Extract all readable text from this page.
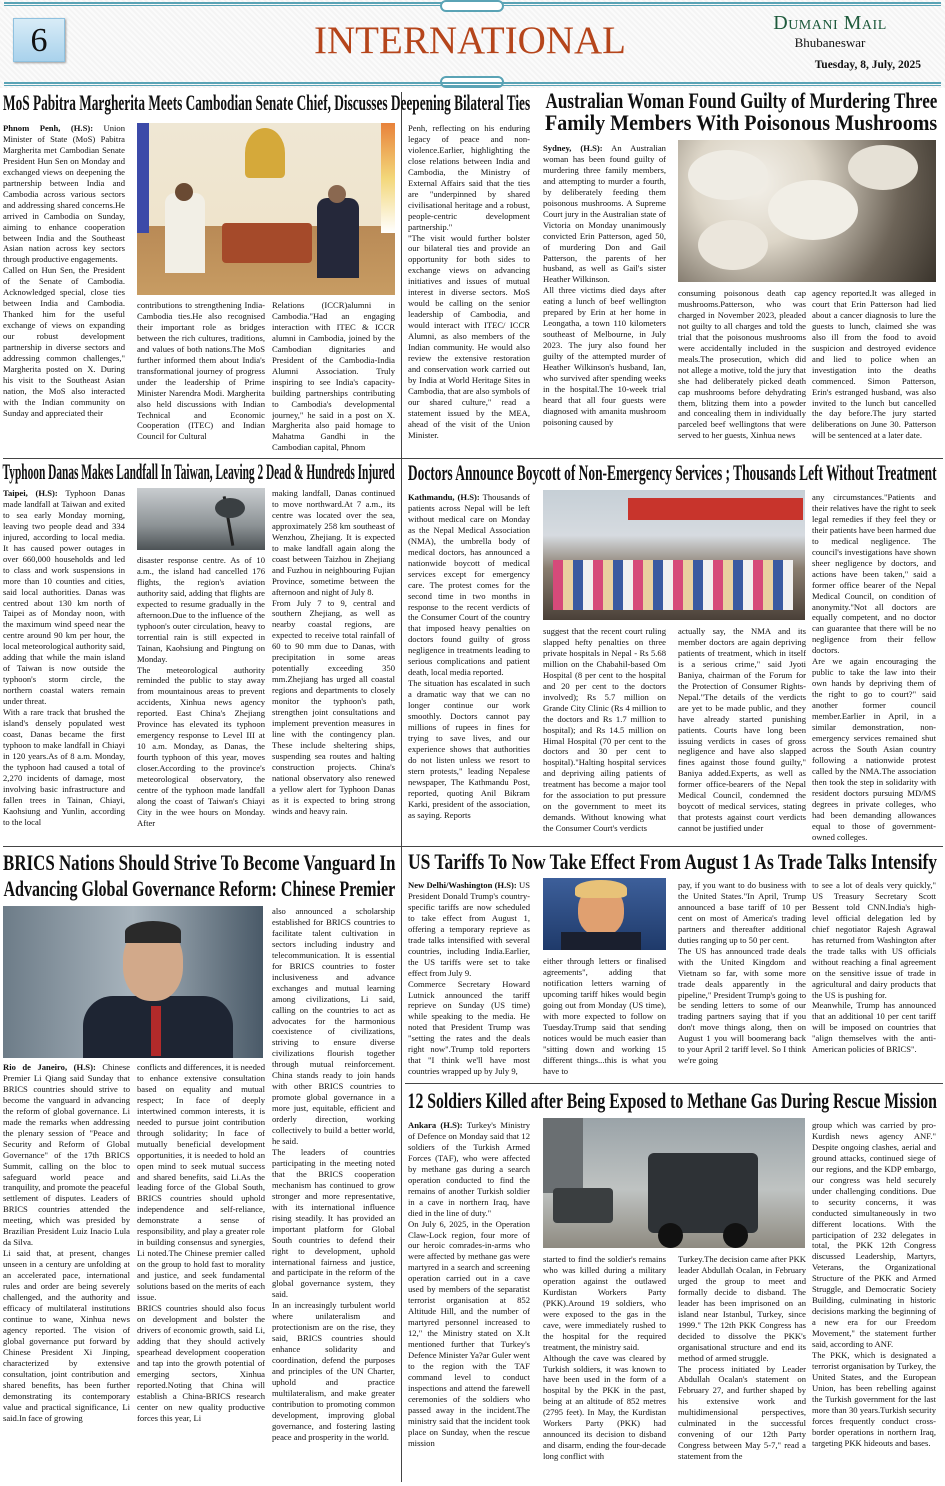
6	INTERNATIONAL	Dumani Mail
Bhubaneswar
Tuesday, 8, July, 2025
MoS Pabitra Margherita Meets Cambodian Senate Chief, Discusses Deepening Bilateral Ties
Phnom Penh, (H.S): Union Minister of State (MoS) Pabitra Margherita met Cambodian Senate President Hun Sen on Monday and exchanged views on deepening the partnership between India and Cambodia across various sectors and addressing shared concerns.He arrived in Cambodia on Sunday, aiming to enhance cooperation between India and the Southeast Asian nation across key sectors through productive engagements.
Called on Hun Sen, the President of the Senate of Cambodia. Acknowledged special, close ties between India and Cambodia. Thanked him for the useful exchange of views on expanding our robust development partnership in diverse sectors and addressing common challenges," Margherita posted on X. During his visit to the Southeast Asian nation, the MoS also interacted with the Indian community on Sunday and appreciated their
contributions to strengthening India-Cambodia ties.He also recognised their important role as bridges between the rich cultures, traditions, and values of both nations.The MoS further informed them about India's transformational journey of progress under the leadership of Prime Minister Narendra Modi. Margherita also held discussions with Indian Technical and Economic Cooperation (ITEC) and Indian Council for Cultural
Relations (ICCR)alumni in Cambodia."Had an engaging interaction with ITEC & ICCR alumni in Cambodia, joined by the Cambodian dignitaries and President of the Cambodia-India Alumni Association. Truly inspiring to see India's capacity-building partnerships contributing to Cambodia's developmental journey," he said in a post on X. Margherita also paid homage to Mahatma Gandhi in the Cambodian capital, Phnom
Penh, reflecting on his enduring legacy of peace and non-violence.Earlier, highlighting the close relations between India and Cambodia, the Ministry of External Affairs said that the ties are "underpinned by shared civilisational heritage and a robust, people-centric development partnership."
"The visit would further bolster our bilateral ties and provide an opportunity for both sides to exchange views on advancing initiatives and issues of mutual interest in diverse sectors. MoS would be calling on the senior leadership of Cambodia, and would interact with ITEC/ ICCR Alumni, as also members of the Indian community. He would also review the extensive restoration and conservation work carried out by India at World Heritage Sites in Cambodia, that are also symbols of our shared culture," read a statement issued by the MEA, ahead of the visit of the Union Minister.
Australian Woman Found Guilty of Murdering Three
Family Members With Poisonous Mushrooms
Sydney, (H.S): An Australian woman has been found guilty of murdering three family members, and attempting to murder a fourth, by deliberately feeding them poisonous mushrooms. A Supreme Court jury in the Australian state of Victoria on Monday unanimously convicted Erin Patterson, aged 50, of murdering Don and Gail Patterson, the parents of her husband, as well as Gail's sister Heather Wilkinson.
All three victims died days after eating a lunch of beef wellington prepared by Erin at her home in Leongatha, a town 110 kilometers southeast of Melbourne, in July 2023. The jury also found her guilty of the attempted murder of Heather Wilkinson's husband, Ian, who survived after spending weeks in the hospital.The 10-week trial heard that all four guests were diagnosed with amanita mushroom poisoning caused by
consuming poisonous death cap mushrooms.Patterson, who was charged in November 2023, pleaded not guilty to all charges and told the trial that the poisonous mushrooms were accidentally included in the meals.The prosecution, which did not allege a motive, told the jury that she had deliberately picked death cap mushrooms before dehydrating them, blitzing them into a powder and concealing them in individually parceled beef wellingtons that were served to her guests, Xinhua news
agency reported.It was alleged in court that Erin Patterson had lied about a cancer diagnosis to lure the guests to lunch, claimed she was also ill from the food to avoid suspicion and destroyed evidence and lied to police when an investigation into the deaths commenced. Simon Patterson, Erin's estranged husband, was also invited to the lunch but cancelled the day before.The jury started deliberations on June 30. Patterson will be sentenced at a later date.
Typhoon Danas Makes Landfall In Taiwan, Leaving 2 Dead & Hundreds Injured
Taipei, (H.S): Typhoon Danas made landfall at Taiwan and exited to sea early Monday morning, leaving two people dead and 334 injured, according to local media. It has caused power outages in over 660,000 households and led to class and work suspensions in more than 10 counties and cities, said local authorities. Danas was centred about 130 km north of Taipei as of Monday noon, with the maximum wind speed near the centre around 90 km per hour, the local meteorological authority said, adding that while the main island of Taiwan is now outside the typhoon's storm circle, the northern coastal waters remain under threat.
With a rare track that brushed the island's densely populated west coast, Danas became the first typhoon to make landfall in Chiayi in 120 years.As of 8 a.m. Monday, the typhoon had caused a total of 2,270 incidents of damage, most involving basic infrastructure and fallen trees in Tainan, Chiayi, Kaohsiung and Yunlin, according to the local
disaster response centre. As of 10 a.m., the island had cancelled 176 flights, the region's aviation authority said, adding that flights are expected to resume gradually in the afternoon.Due to the influence of the typhoon's outer circulation, heavy to torrential rain is still expected in Tainan, Kaohsiung and Pingtung on Monday.
The meteorological authority reminded the public to stay away from mountainous areas to prevent accidents, Xinhua news agency reported. East China's Zhejiang Province has elevated its typhoon emergency response to Level III at 10 a.m. Monday, as Danas, the fourth typhoon of this year, moves closer.According to the province's meteorological observatory, the centre of the typhoon made landfall along the coast of Taiwan's Chiayi City in the wee hours on Monday. After
making landfall, Danas continued to move northward.At 7 a.m., its centre was located over the sea, approximately 258 km southeast of Wenzhou, Zhejiang. It is expected to make landfall again along the coast between Taizhou in Zhejiang and Fuzhou in neighbouring Fujian Province, sometime between the afternoon and night of July 8.
From July 7 to 9, central and southern Zhejiang, as well as nearby coastal regions, are expected to receive total rainfall of 60 to 90 mm due to Danas, with precipitation in some areas potentially exceeding 350 mm.Zhejiang has urged all coastal regions and departments to closely monitor the typhoon's path, strengthen joint consultations and implement prevention measures in line with the contingency plan. These include sheltering ships, suspending sea routes and halting construction projects. China's national observatory also renewed a yellow alert for Typhoon Danas as it is expected to bring strong winds and heavy rain.
Doctors Announce Boycott of Non-Emergency Services ; Thousands Left Without Treatment
Kathmandu, (H.S): Thousands of patients across Nepal will be left without medical care on Monday as the Nepal Medical Association (NMA), the umbrella body of medical doctors, has announced a nationwide boycott of medical services except for emergency care. The protest comes for the second time in two months in response to the recent verdicts of the Consumer Court of the country that imposed heavy penalties on doctors found guilty of gross negligence in treatments leading to serious complications and patient death, local media reported.
The situation has escalated in such a dramatic way that we can no longer continue our work smoothly. Doctors cannot pay millions of rupees in fines for trying to save lives, and our experience shows that authorities do not listen unless we resort to stern protests," leading Nepalese newspaper, The Kathmandu Post, reported, quoting Anil Bikram Karki, president of the association, as saying. Reports
suggest that the recent court ruling slapped hefty penalties on three private hospitals in Nepal - Rs 5.68 million on the Chabahil-based Om Hospital (8 per cent to the hospital and 20 per cent to the doctors involved); Rs 5.7 million on Grande City Clinic (Rs 4 million to the doctors and Rs 1.7 million to hospital); and Rs 14.5 million on Himal Hospital (70 per cent to the doctors and 30 per cent to hospital)."Halting hospital services and depriving ailing patients of treatment has become a major tool for the association to put pressure on the government to meet its demands. Without knowing what the Consumer Court's verdicts
actually say, the NMA and its member doctors are again depriving patients of treatment, which in itself is a serious crime," said Jyoti Baniya, chairman of the Forum for the Protection of Consumer Rights-Nepal."The details of the verdicts are yet to be made public, and they have already started punishing patients. Courts have long been issuing verdicts in cases of gross negligence and have also slapped fines against those found guilty," Baniya added.Experts, as well as former office-bearers of the Nepal Medical Council, condemned the boycott of medical services, stating that protests against court verdicts cannot be justified under
any circumstances."Patients and their relatives have the right to seek legal remedies if they feel they or their patients have been harmed due to medical negligence. The council's investigations have shown sheer negligence by doctors, and actions have been taken," said a former office bearer of the Nepal Medical Council, on condition of anonymity."Not all doctors are equally competent, and no doctor can guarantee that there will be no negligence from their fellow doctors.
Are we again encouraging the public to take the law into their own hands by depriving them of the right to go to court?" said another former council member.Earlier in April, in a similar demonstration, non-emergency services remained shut across the South Asian country following a nationwide protest called by the NMA.The association then took the step in solidarity with resident doctors pursuing MD/MS degrees in private colleges, who had been demanding allowances equal to those of government-owned colleges.
BRICS Nations Should Strive To Become Vanguard In
Advancing Global Governance Reform: Chinese Premier
Rio de Janeiro, (H.S): Chinese Premier Li Qiang said Sunday that BRICS countries should strive to become the vanguard in advancing the reform of global governance. Li made the remarks when addressing the plenary session of "Peace and Security and Reform of Global Governance" of the 17th BRICS Summit, calling on the bloc to safeguard world peace and tranquility, and promote the peaceful settlement of disputes. Leaders of BRICS countries attended the meeting, which was presided by Brazilian President Luiz Inacio Lula da Silva.
Li said that, at present, changes unseen in a century are unfolding at an accelerated pace, international rules and order are being severely challenged, and the authority and efficacy of multilateral institutions continue to wane, Xinhua news agency reported. The vision of global governance put forward by Chinese President Xi Jinping, characterized by extensive consultation, joint contribution and shared benefits, has been further demonstrating its contemporary value and practical significance, Li said.In face of growing
conflicts and differences, it is needed to enhance extensive consultation based on equality and mutual respect; In face of deeply intertwined common interests, it is needed to pursue joint contribution through solidarity; In face of mutually beneficial development opportunities, it is needed to hold an open mind to seek mutual success and shared benefits, said Li.As the leading force of the Global South, BRICS countries should uphold independence and self-reliance, demonstrate a sense of responsibility, and play a greater role in building consensus and synergies, Li noted.The Chinese premier called on the group to hold fast to morality and justice, and seek fundamental solutions based on the merits of each issue.
BRICS countries should also focus on development and bolster the drivers of economic growth, said Li, adding that they should actively spearhead development cooperation and tap into the growth potential of emerging sectors, Xinhua reported.Noting that China will establish a China-BRICS research center on new quality productive forces this year, Li
also announced a scholarship established for BRICS countries to facilitate talent cultivation in sectors including industry and telecommunication. It is essential for BRICS countries to foster inclusiveness and advance exchanges and mutual learning among civilizations, Li said, calling on the countries to act as advocates for the harmonious coexistence of civilizations, striving to ensure diverse civilizations flourish together through mutual reinforcement. China stands ready to join hands with other BRICS countries to promote global governance in a more just, equitable, efficient and orderly direction, working collectively to build a better world, he said.
The leaders of countries participating in the meeting noted that the BRICS cooperation mechanism has continued to grow stronger and more representative, with its international influence rising steadily. It has provided an important platform for Global South countries to defend their right to development, uphold international fairness and justice, and participate in the reform of the global governance system, they said.
In an increasingly turbulent world where unilateralism and protectionism are on the rise, they said, BRICS countries should enhance solidarity and coordination, defend the purposes and principles of the UN Charter, uphold and practice multilateralism, and make greater contribution to promoting common development, improving global governance, and fostering lasting peace and prosperity in the world.
US Tariffs To Now Take Effect From August 1 As Trade Talks Intensify
New Delhi/Washington (H.S): US President Donald Trump's country-specific tariffs are now scheduled to take effect from August 1, offering a temporary reprieve as trade talks intensified with several countries, including India.Earlier, the US tariffs were set to take effect from July 9.
Commerce Secretary Howard Lutnick announced the tariff reprieve on Sunday (US time) while speaking to the media. He noted that President Trump was "setting the rates and the deals right now".Trump told reporters that "I think we'll have most countries wrapped up by July 9,
either through letters or finalised agreements", adding that notification letters warning of upcoming tariff hikes would begin going out from Monday (US time), with more expected to follow on Tuesday.Trump said that sending notices would be much easier than "sitting down and working 15 different things...this is what you have to
pay, if you want to do business with the United States."In April, Trump announced a base tariff of 10 per cent on most of America's trading partners and thereafter additional duties ranging up to 50 per cent.
The US has announced trade deals with the United Kingdom and Vietnam so far, with some more trade deals apparently in the pipeline," President Trump's going to be sending letters to some of our trading partners saying that if you don't move things along, then on August 1 you will boomerang back to your April 2 tariff level. So I think we're going
to see a lot of deals very quickly," US Treasury Secretary Scott Bessent told CNN.India's high-level official delegation led by chief negotiator Rajesh Agrawal has returned from Washington after the trade talks with US officials without reaching a final agreement on the sensitive issue of trade in agricultural and dairy products that the US is pushing for.
Meanwhile, Trump has announced that an additional 10 per cent tariff will be imposed on countries that "align themselves with the anti-American policies of BRICS".
12 Soldiers Killed after Being Exposed to Methane Gas During Rescue Mission
Ankara (H.S): Turkey's Ministry of Defence on Monday said that 12 soldiers of the Turkish Armed Forces (TAF), who were affected by methane gas during a search operation conducted to find the remains of another Turkish soldier in a cave in northern Iraq, have died in the line of duty."
On July 6, 2025, in the Operation Claw-Lock region, four more of our heroic comrades-in-arms who were affected by methane gas were martyred in a search and screening operation carried out in a cave used by members of the separatist terrorist organisation at 852 Altitude Hill, and the number of martyred personnel increased to 12," the Ministry stated on X.It mentioned further that Turkey's Defence Minister Ya?ar Guler went to the region with the TAF command level to conduct inspections and attend the farewell ceremonies of the soldiers who passed away in the incident.The ministry said that the incident took place on Sunday, when the rescue mission
started to find the soldier's remains who was killed during a military operation against the outlawed Kurdistan Workers Party (PKK).Around 19 soldiers, who were exposed to the gas in the cave, were immediately rushed to the hospital for the required treatment, the ministry said.
Although the cave was cleared by Turkish soldiers, it was known to have been used in the form of a hospital by the PKK in the past, being at an altitude of 852 metres (2795 feet). In May, the Kurdistan Workers Party (PKK) had announced its decision to disband and disarm, ending the four-decade long conflict with
Turkey.The decision came after PKK leader Abdullah Ocalan, in February urged the group to meet and formally decide to disband. The leader has been imprisoned on an island near Istanbul, Turkey, since 1999." The 12th PKK Congress has decided to dissolve the PKK's organisational structure and end its method of armed struggle.
The process initiated by Leader Abdullah Ocalan's statement on February 27, and further shaped by his extensive work and multidimensional perspectives, culminated in the successful convening of our 12th Party Congress between May 5-7," read a statement from the
group which was carried by pro-Kurdish news agency ANF." Despite ongoing clashes, aerial and ground attacks, continued siege of our regions, and the KDP embargo, our congress was held securely under challenging conditions. Due to security concerns, it was conducted simultaneously in two different locations. With the participation of 232 delegates in total, the PKK 12th Congress discussed Leadership, Martyrs, Veterans, the Organizational Structure of the PKK and Armed Struggle, and Democratic Society Building, culminating in historic decisions marking the beginning of a new era for our Freedom Movement," the statement further said, according to ANF.
The PKK, which is designated a terrorist organisation by Turkey, the United States, and the European Union, has been rebelling against the Turkish government for the last more than 30 years.Turkish security forces frequently conduct cross-border operations in northern Iraq, targeting PKK hideouts and bases.
